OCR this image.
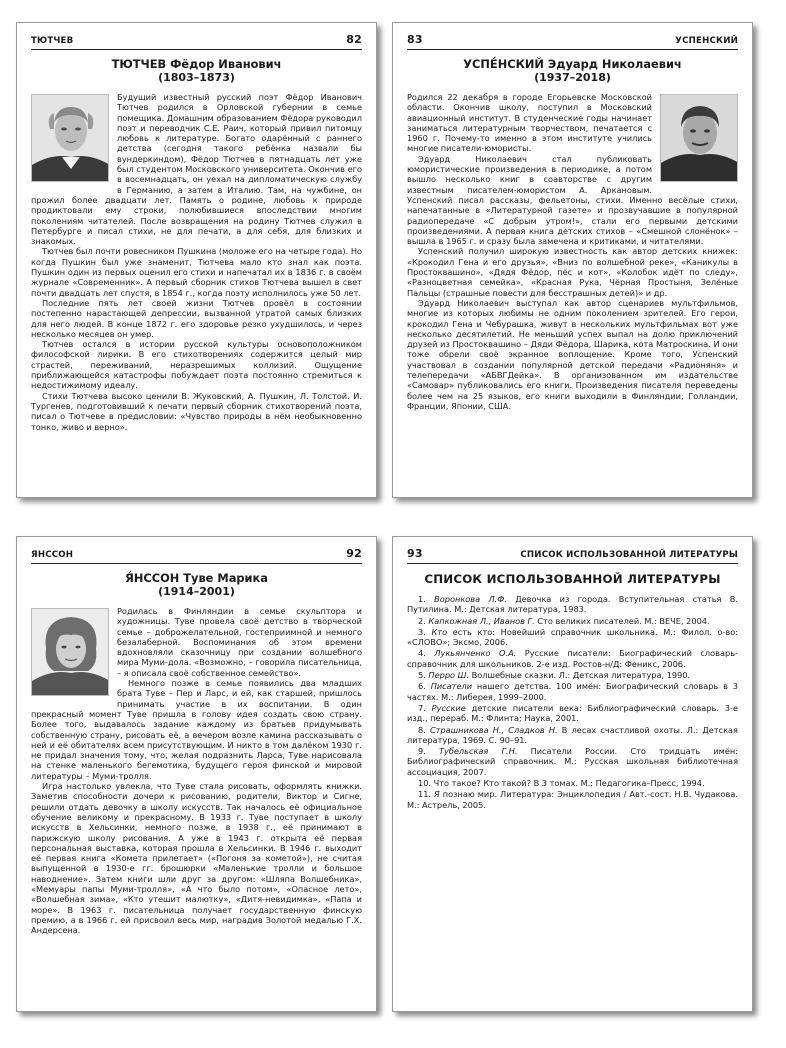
ТЮТЧЕВ	82
ТЮТЧЕВ Фёдор Иванович
(1803–1873)

Будущий известный русский поэт Фёдор Иванович Тютчев родился в Орловской губернии в семье помещика. Домашним образованием Фёдора руководил поэт и переводчик С.Е. Раич, который привил питомцу любовь к литературе. Богато одарённый с раннего детства (сегодня такого ребёнка назвали бы вундеркиндом), Фёдор Тютчев в пятнадцать лет уже был студентом Московского университета. Окончив его в восемнадцать, он уехал на дипломатическую службу в Германию, а затем в Италию. Там, на чужбине, он прожил более двадцати лет. Память о родине, любовь к природе продиктовали ему строки, полюбившиеся впоследствии многим поколениям читателей. После возвращения на родину Тютчев служил в Петербурге и писал стихи, не для печати, а для себя, для близких и знакомых.

Тютчев был почти ровесником Пушкина (моложе его на четыре года). Но когда Пушкин был уже знаменит, Тютчева мало кто знал как поэта. Пушкин один из первых оценил его стихи и напечатал их в 1836 г. в своём журнале «Современник». А первый сборник стихов Тютчева вышел в свет почти двадцать лет спустя, в 1854 г., когда поэту исполнилось уже 50 лет.

Последние пять лет своей жизни Тютчев провёл в состоянии постепенно нарастающей депрессии, вызванной утратой самых близких для него людей. В конце 1872 г. его здоровье резко ухудшилось, и через несколько месяцев он умер.

Тютчев остался в истории русской культуры основоположником философской лирики. В его стихотворениях содержится целый мир страстей, переживаний, неразрешимых коллизий. Ощущение приближающейся катастрофы побуждает поэта постоянно стремиться к недостижимому идеалу.

Стихи Тютчева высоко ценили В. Жуковский, А. Пушкин, Л. Толстой. И. Тургенев, подготовивший к печати первый сборник стихотворений поэта, писал о Тютчеве в предисловии: «Чувство природы в нём необыкновенно тонко, живо и верно».

83	УСПЕНСКИЙ
УСПЕ́НСКИЙ Эдуард Николаевич
(1937–2018)

Родился 22 декабря в городе Егорьевске Московской области. Окончив школу, поступил в Московский авиационный институт. В студенческие годы начинает заниматься литературным творчеством, печатается с 1960 г. Почему-то именно в этом институте учились многие писатели-юмористы.

Эдуард Николаевич стал публиковать юмористические произведения в периодике, а потом вышло несколько книг в соавторстве с другим известным писателем-юмористом А. Аркановым. Успенский писал рассказы, фельетоны, стихи. Именно весёлые стихи, напечатанные в «Литературной газете» и прозвучавшие в популярной радиопередаче «С добрым утром!», стали его первыми детскими произведениями. А первая книга детских стихов – «Смешной слонёнок» – вышла в 1965 г. и сразу была замечена и критиками, и читателями.

Успенский получил широкую известность как автор детских книжек: «Крокодил Гена и его друзья», «Вниз по волшебной реке», «Каникулы в Простоквашино», «Дядя Фёдор, пёс и кот», «Колобок идёт по следу», «Разноцветная семейка», «Красная Рука, Чёрная Простыня, Зелёные Пальцы (страшные повести для бесстрашных детей)» и др.

Эдуард Николаевич выступал как автор сценариев мультфильмов, многие из которых любимы не одним поколением зрителей. Его герои, крокодил Гена и Чебурашка, живут в нескольких мультфильмах вот уже несколько десятилетий. Не меньший успех выпал на долю приключений друзей из Простоквашино – Дяди Фёдора, Шарика, кота Матроскина. И они тоже обрели своё экранное воплощение. Кроме того, Успенский участвовал в создании популярной детской передачи «Радионяня» и телепередачи «АБВГДейка». В организованном им издательстве «Самовар» публиковались его книги. Произведения писателя переведены более чем на 25 языков, его книги выходили в Финляндии, Голландии, Франции, Японии, США.

ЯНССОН	92
Я́НССОН Туве Марика
(1914–2001)

Родилась в Финляндии в семье скульптора и художницы. Туве провела своё детство в творческой семье – доброжелательной, гостеприимной и немного безалаберной. Воспоминания об этом времени вдохновляли сказочницу при создании волшебного мира Муми-дола. «Возможно, – говорила писательница, – я описала своё собственное семейство».

Немного позже в семье появились два младших брата Туве – Пер и Ларс, и ей, как старшей, пришлось принимать участие в их воспитании. В один прекрасный момент Туве пришла в голову идея создать свою страну. Более того, выдавалось задание каждому из братьев придумывать собственную страну, рисовать её, а вечером возле камина рассказывать о ней и её обитателях всем присутствующим. И никто в том далёком 1930 г. не придал значения тому, что, желая подразнить Ларса, Туве нарисовала на стенке маленького бегемотика, будущего героя финской и мировой литературы – Муми-тролля.

Игра настолько увлекла, что Туве стала рисовать, оформлять книжки. Заметив способности дочери к рисованию, родители, Виктор и Сигне, решили отдать девочку в школу искусств. Так началось её официальное обучение великому и прекрасному. В 1933 г. Туве поступает в школу искусств в Хельсинки, немного позже, в 1938 г., её принимают в парижскую школу рисования. А уже в 1943 г. открыта её первая персональная выставка, которая прошла в Хельсинки. В 1946 г. выходит её первая книга «Комета прилетает» («Погоня за кометой»), не считая выпущенной в 1930-е гг. брошюрки «Маленькие тролли и большое наводнение». Затем книги шли друг за другом: «Шляпа Волшебника», «Мемуары папы Муми-тролля», «А что было потом», «Опасное лето», «Волшебная зима», «Кто утешит малютку», «Дитя-невидимка», «Папа и море». В 1963 г. писательница получает государственную финскую премию, а в 1966 г. ей присвоил весь мир, наградив Золотой медалью Г.Х. Андерсена.

93	СПИСОК ИСПОЛЬЗОВАННОЙ ЛИТЕРАТУРЫ
СПИСОК ИСПОЛЬЗОВАННОЙ ЛИТЕРАТУРЫ
1. Воронкова Л.Ф. Девочка из города. Вступительная статья В. Путилина. М.: Детская литература, 1983.
2. Капкожная Л., Иванов Г. Сто великих писателей. М.: ВЕЧЕ, 2004.
3. Кто есть кто: Новейший справочник школьника. М.: Филол. о-во: «СЛОВО»; Эксмо, 2006.
4. Лукьянченко О.А. Русские писатели: Биографический словарь-справочник для школьников. 2-е изд. Ростов-н/Д: Феникс, 2006.
5. Перро Ш. Волшебные сказки. Л.: Детская литература, 1990.
6. Писатели нашего детства. 100 имён: Биографический словарь в 3 частях. М.: Либерея, 1999–2000.
7. Русские детские писатели века: Библиографический словарь. 3-е изд., перераб. М.: Флинта; Наука, 2001.
8. Страшникова Н., Сладков Н. В лесах счастливой охоты. Л.: Детская литература, 1969. С. 90–91.
9. Тубельская Г.Н. Писатели России. Сто тридцать имён: Библиографический справочник. М.: Русская школьная библиотечная ассоциация, 2007.
10. Что такое? Кто такой? В 3 томах. М.: Педагогика–Пресс, 1994.
11. Я познаю мир. Литература: Энциклопедия / Авт.-сост. Н.В. Чудакова. М.: Астрель, 2005.
